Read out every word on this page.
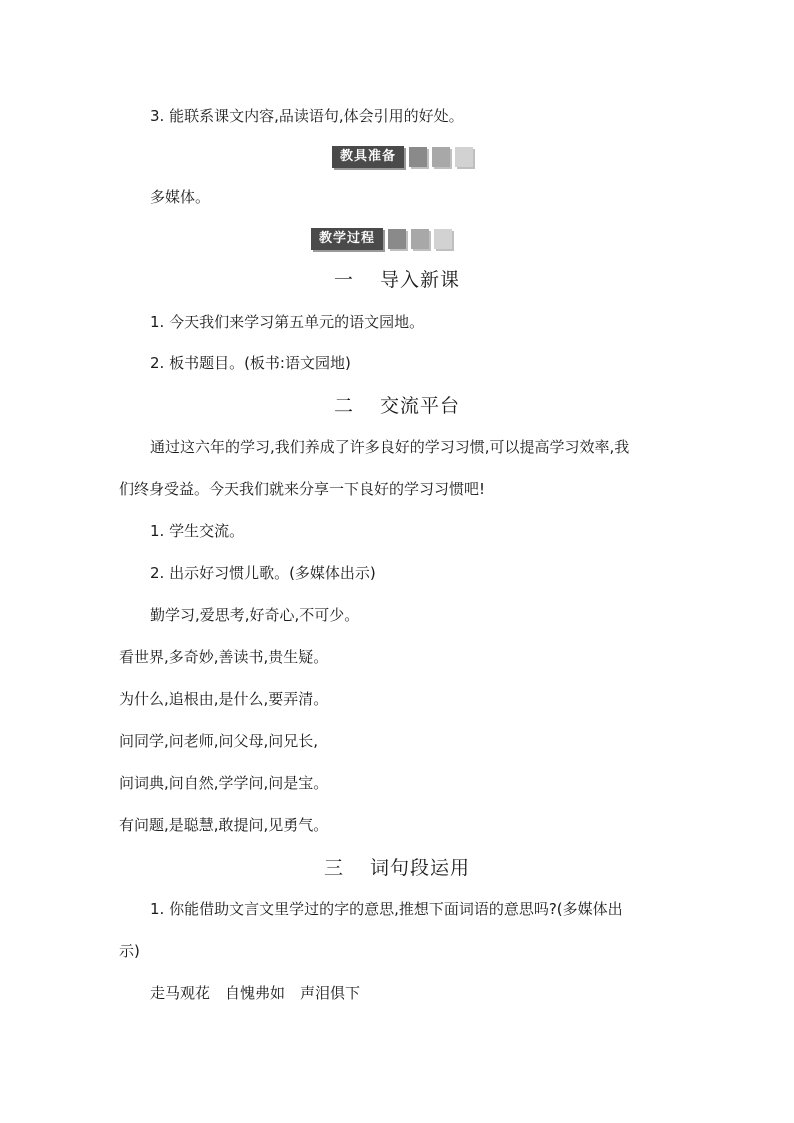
3. 能联系课文内容,品读语句,体会引用的好处。
教具准备
多媒体。
教学过程
一 导入新课
1. 今天我们来学习第五单元的语文园地。
2. 板书题目。(板书:语文园地)
二 交流平台
通过这六年的学习,我们养成了许多良好的学习习惯,可以提高学习效率,我
们终身受益。今天我们就来分享一下良好的学习习惯吧!
1. 学生交流。
2. 出示好习惯儿歌。(多媒体出示)
勤学习,爱思考,好奇心,不可少。
看世界,多奇妙,善读书,贵生疑。
为什么,追根由,是什么,要弄清。
问同学,问老师,问父母,问兄长,
问词典,问自然,学学问,问是宝。
有问题,是聪慧,敢提问,见勇气。
三 词句段运用
1. 你能借助文言文里学过的字的意思,推想下面词语的意思吗?(多媒体出
示)
走马观花　自愧弗如　声泪俱下
